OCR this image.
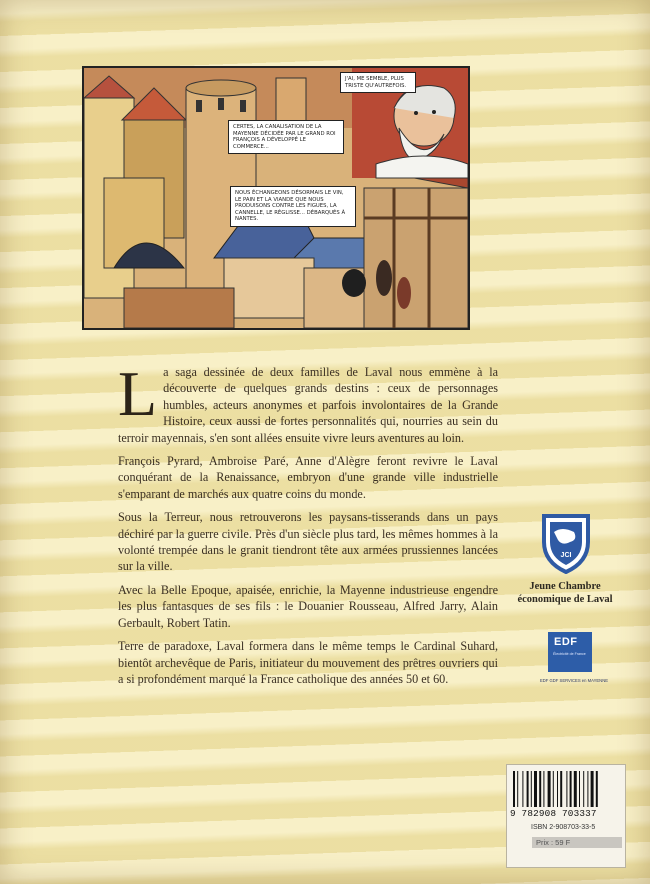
J'AI, ME SEMBLE, PLUS TRISTE QU'AUTREFOIS.
CERTES, LA CANALISATION DE LA MAYENNE DÉCIDÉE PAR LE GRAND ROI FRANÇOIS A DÉVELOPPÉ LE COMMERCE...
NOUS ÉCHANGEONS DÉSORMAIS LE VIN, LE PAIN ET LA VIANDE QUE NOUS PRODUISONS CONTRE LES FIGUES, LA CANNELLE, LE RÉGLISSE... DÉBARQUÉS À NANTES.

L a saga dessinée de deux familles de Laval nous emmène à la découverte de quelques grands destins : ceux de personnages humbles, acteurs anonymes et parfois involontaires de la Grande Histoire, ceux aussi de fortes personnalités qui, nourries au sein du terroir mayennais, s'en sont allées ensuite vivre leurs aventures au loin.

François Pyrard, Ambroise Paré, Anne d'Alègre feront revivre le Laval conquérant de la Renaissance, embryon d'une grande ville industrielle s'emparant de marchés aux quatre coins du monde.

Sous la Terreur, nous retrouverons les paysans-tisserands dans un pays déchiré par la guerre civile. Près d'un siècle plus tard, les mêmes hommes à la volonté trempée dans le granit tiendront tête aux armées prussiennes lancées sur la ville.

Avec la Belle Epoque, apaisée, enrichie, la Mayenne industrieuse engendre les plus fantasques de ses fils : le Douanier Rousseau, Alfred Jarry, Alain Gerbault, Robert Tatin.

Terre de paradoxe, Laval formera dans le même temps le Cardinal Suhard, bientôt archevêque de Paris, initiateur du mouvement des prêtres ouvriers qui a si profondément marqué la France catholique des années 50 et 60.

JCI
Jeune Chambre
économique de Laval
EDF
Électricité de France
EDF GDF SERVICES en MAYENNE
9 782908 703337
ISBN 2-908703-33-5
Prix : 59 F
